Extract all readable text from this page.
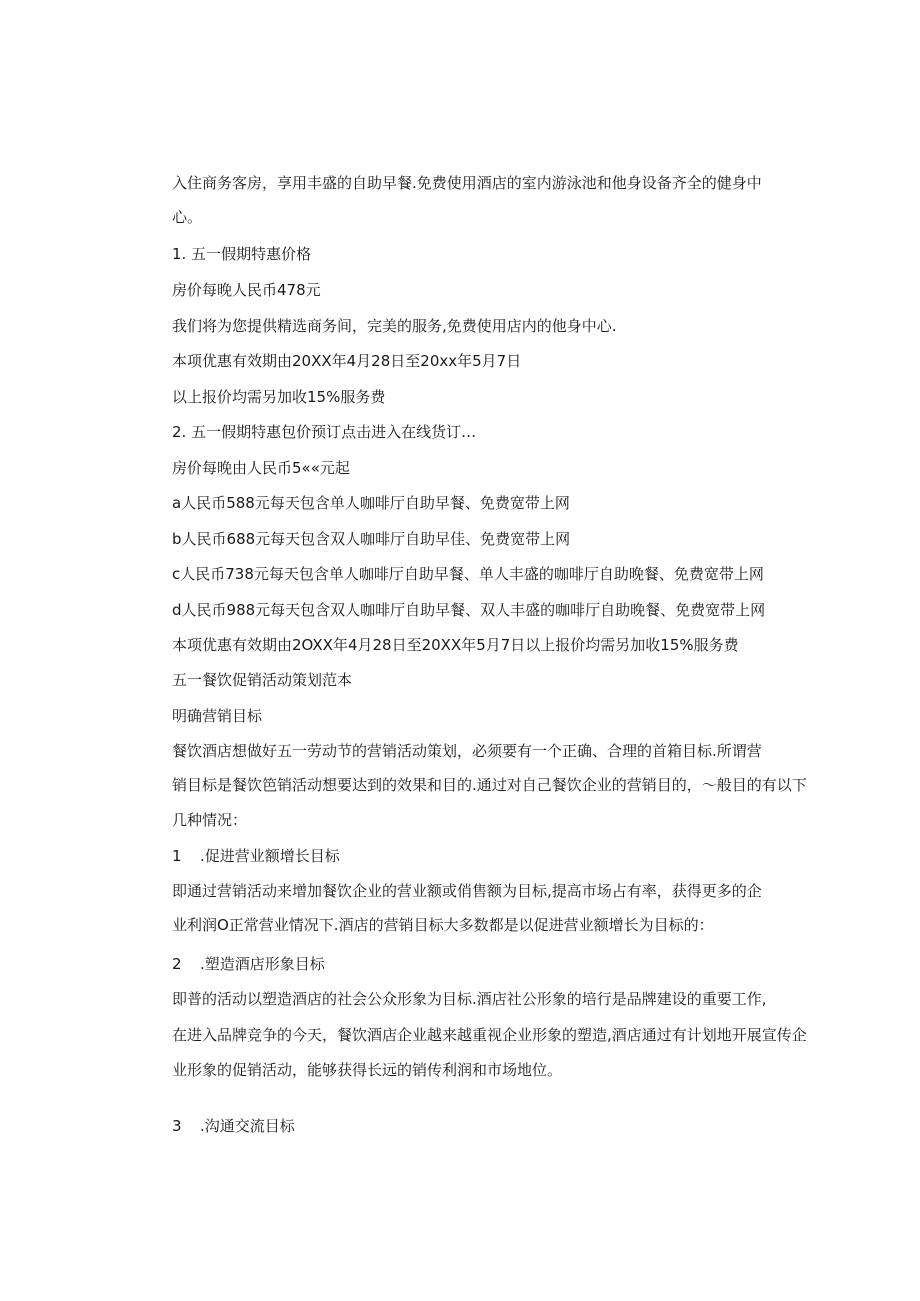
入住商务客房，享用丰盛的自助早餐.免费使用酒店的室内游泳池和他身设备齐全的健身中
心。
1. 五一假期特惠价格
房价每晚人民币478元
我们将为您提供精选商务间，完美的服务,免费使用店内的他身中心.
本项优惠有效期由20XX年4月28日至20xx年5月7日
以上报价均需另加收15%服务费
2. 五一假期特惠包价预订点击进入在线货订…
房价每晚由人民币5««元起
a人民币588元每天包含单人咖啡厅自助早餐、免费宽带上网
b人民币688元每天包含双人咖啡厅自助早佳、免费宽带上网
c人民币738元每天包含单人咖啡厅自助早餐、单人丰盛的咖啡厅自助晚餐、免费宽带上网
d人民币988元每天包含双人咖啡厅自助早餐、双人丰盛的咖啡厅自助晚餐、免费宽带上网
本项优惠有效期由2OXX年4月28日至20XX年5月7日以上报价均需另加收15%服务费
五一餐饮促销活动策划范本
明确营销目标
餐饮酒店想做好五一劳动节的营销活动策划，必须要有一个正确、合理的首箱目标.所谓营
销目标是餐饮笆销活动想要达到的效果和目的.通过对自己餐饮企业的营销目的，～般目的有以下
几种情况：
1 .促进营业额增长目标
即通过营销活动来增加餐饮企业的营业额或俏售额为目标,提高市场占有率，获得更多的企
业利润O正常营业情况下.酒店的营销目标大多数都是以促进营业额增长为目标的：
2 .塑造酒店形象目标
即普的活动以塑造酒店的社会公众形象为目标.酒店社公形象的培行是品牌建设的重要工作,
在进入品牌竞争的今天，餐饮酒店企业越来越重视企业形象的塑造,酒店通过有计划地开展宣传企
业形象的促销活动，能够获得长远的销传利润和市场地位。
3 .沟通交流目标
